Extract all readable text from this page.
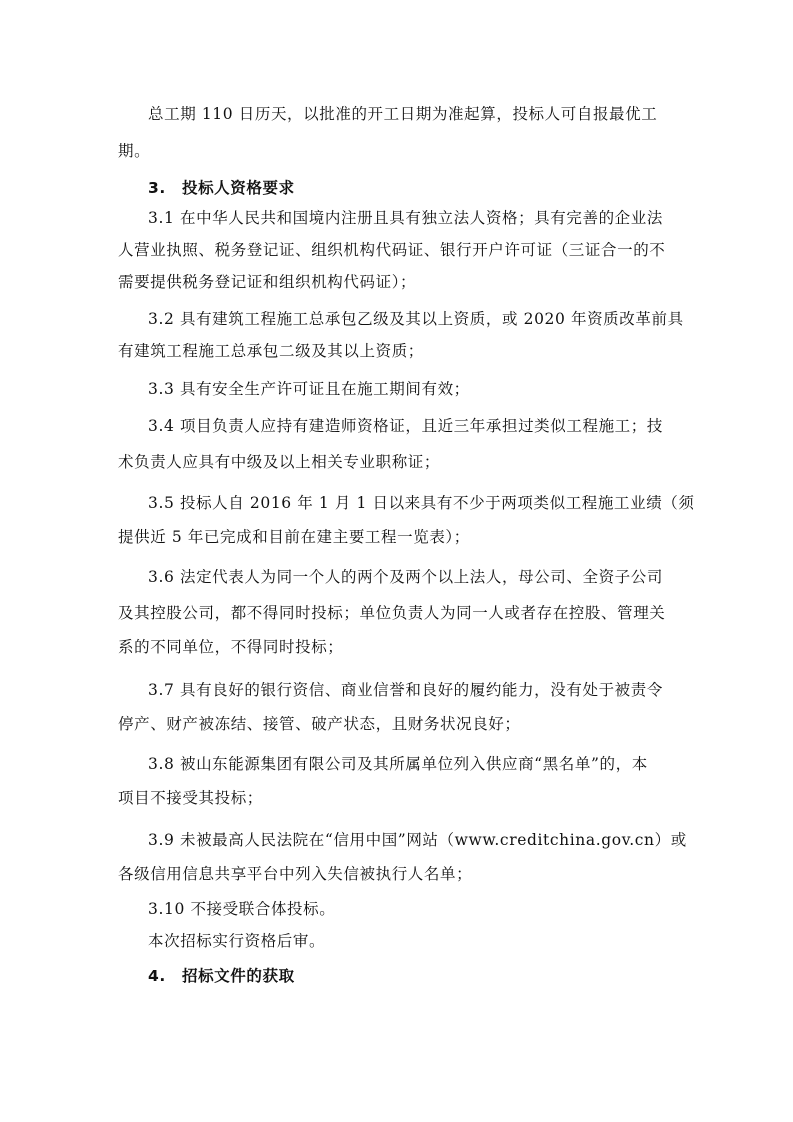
总工期 110 日历天，以批准的开工日期为准起算，投标人可自报最优工
期。
3.　投标人资格要求
3.1 在中华人民共和国境内注册且具有独立法人资格；具有完善的企业法
人营业执照、税务登记证、组织机构代码证、银行开户许可证（三证合一的不
需要提供税务登记证和组织机构代码证）；
3.2 具有建筑工程施工总承包乙级及其以上资质，或 2020 年资质改革前具
有建筑工程施工总承包二级及其以上资质；
3.3 具有安全生产许可证且在施工期间有效；
3.4 项目负责人应持有建造师资格证，且近三年承担过类似工程施工；技
术负责人应具有中级及以上相关专业职称证；
3.5 投标人自 2016 年 1 月 1 日以来具有不少于两项类似工程施工业绩（须
提供近 5 年已完成和目前在建主要工程一览表）；
3.6 法定代表人为同一个人的两个及两个以上法人，母公司、全资子公司
及其控股公司，都不得同时投标；单位负责人为同一人或者存在控股、管理关
系的不同单位，不得同时投标；
3.7 具有良好的银行资信、商业信誉和良好的履约能力，没有处于被责令
停产、财产被冻结、接管、破产状态，且财务状况良好；
3.8 被山东能源集团有限公司及其所属单位列入供应商“黑名单”的，本
项目不接受其投标；
3.9 未被最高人民法院在“信用中国”网站（www.creditchina.gov.cn）或
各级信用信息共享平台中列入失信被执行人名单；
3.10 不接受联合体投标。
本次招标实行资格后审。
4.　招标文件的获取
